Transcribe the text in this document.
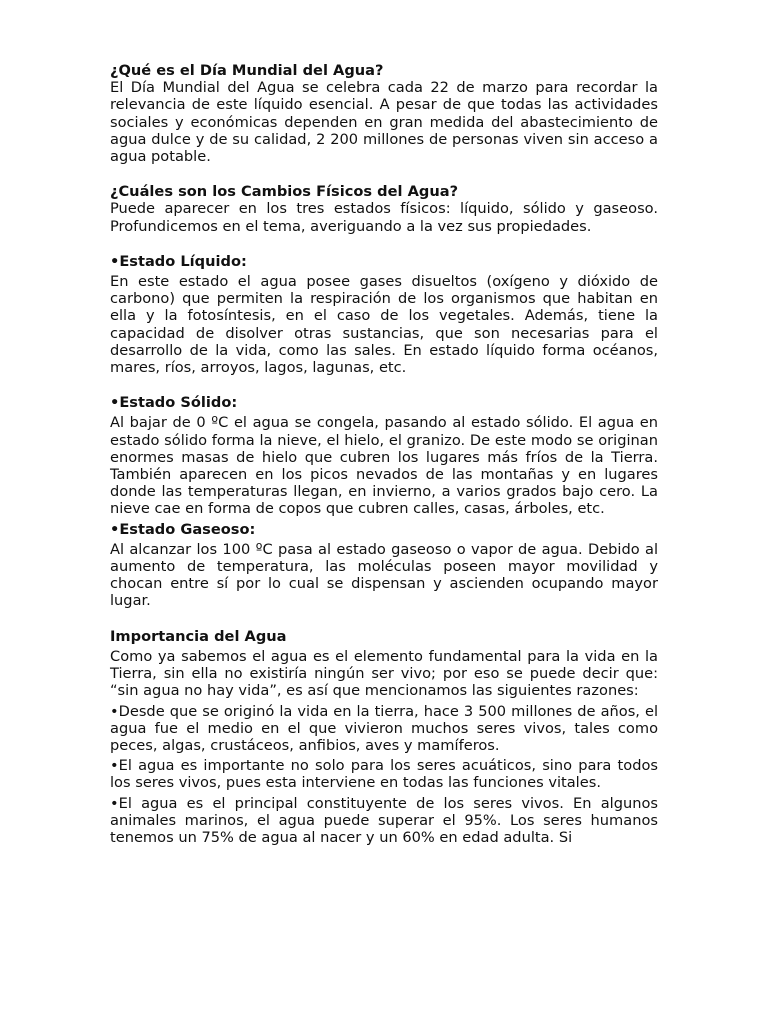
¿Qué es el Día Mundial del Agua?

El Día Mundial del Agua se celebra cada 22 de marzo para recordar la relevancia de este líquido esencial. A pesar de que todas las actividades sociales y económicas dependen en gran medida del abastecimiento de agua dulce y de su calidad, 2 200 millones de personas viven sin acceso a agua potable.

¿Cuáles son los Cambios Físicos del Agua?

Puede aparecer en los tres estados físicos: líquido, sólido y gaseoso. Profundicemos en el tema, averiguando a la vez sus propiedades.

•Estado Líquido:

En este estado el agua posee gases disueltos (oxígeno y dióxido de carbono) que permiten la respiración de los organismos que habitan en ella y la fotosíntesis, en el caso de los vegetales. Además, tiene la capacidad de disolver otras sustancias, que son necesarias para el desarrollo de la vida, como las sales. En estado líquido forma océanos, mares, ríos, arroyos, lagos, lagunas, etc.

•Estado Sólido:

Al bajar de 0 ºC el agua se congela, pasando al estado sólido. El agua en estado sólido forma la nieve, el hielo, el granizo. De este modo se originan enormes masas de hielo que cubren los lugares más fríos de la Tierra. También aparecen en los picos nevados de las montañas y en lugares donde las temperaturas llegan, en invierno, a varios grados bajo cero. La nieve cae en forma de copos que cubren calles, casas, árboles, etc.

•Estado Gaseoso:

Al alcanzar los 100 ºC pasa al estado gaseoso o vapor de agua. Debido al aumento de temperatura, las moléculas poseen mayor movilidad y chocan entre sí por lo cual se dispensan y ascienden ocupando mayor lugar.

Importancia del Agua

Como ya sabemos el agua es el elemento fundamental para la vida en la Tierra, sin ella no existiría ningún ser vivo; por eso se puede decir que: “sin agua no hay vida”, es así que mencionamos las siguientes razones:

•Desde que se originó la vida en la tierra, hace 3 500 millones de años, el agua fue el medio en el que vivieron muchos seres vivos, tales como peces, algas, crustáceos, anfibios, aves y mamíferos.

•El agua es importante no solo para los seres acuáticos, sino para todos los seres vivos, pues esta interviene en todas las funciones vitales.

•El agua es el principal constituyente de los seres vivos. En algunos animales marinos, el agua puede superar el 95%. Los seres humanos tenemos un 75% de agua al nacer y un 60% en edad adulta. Si
